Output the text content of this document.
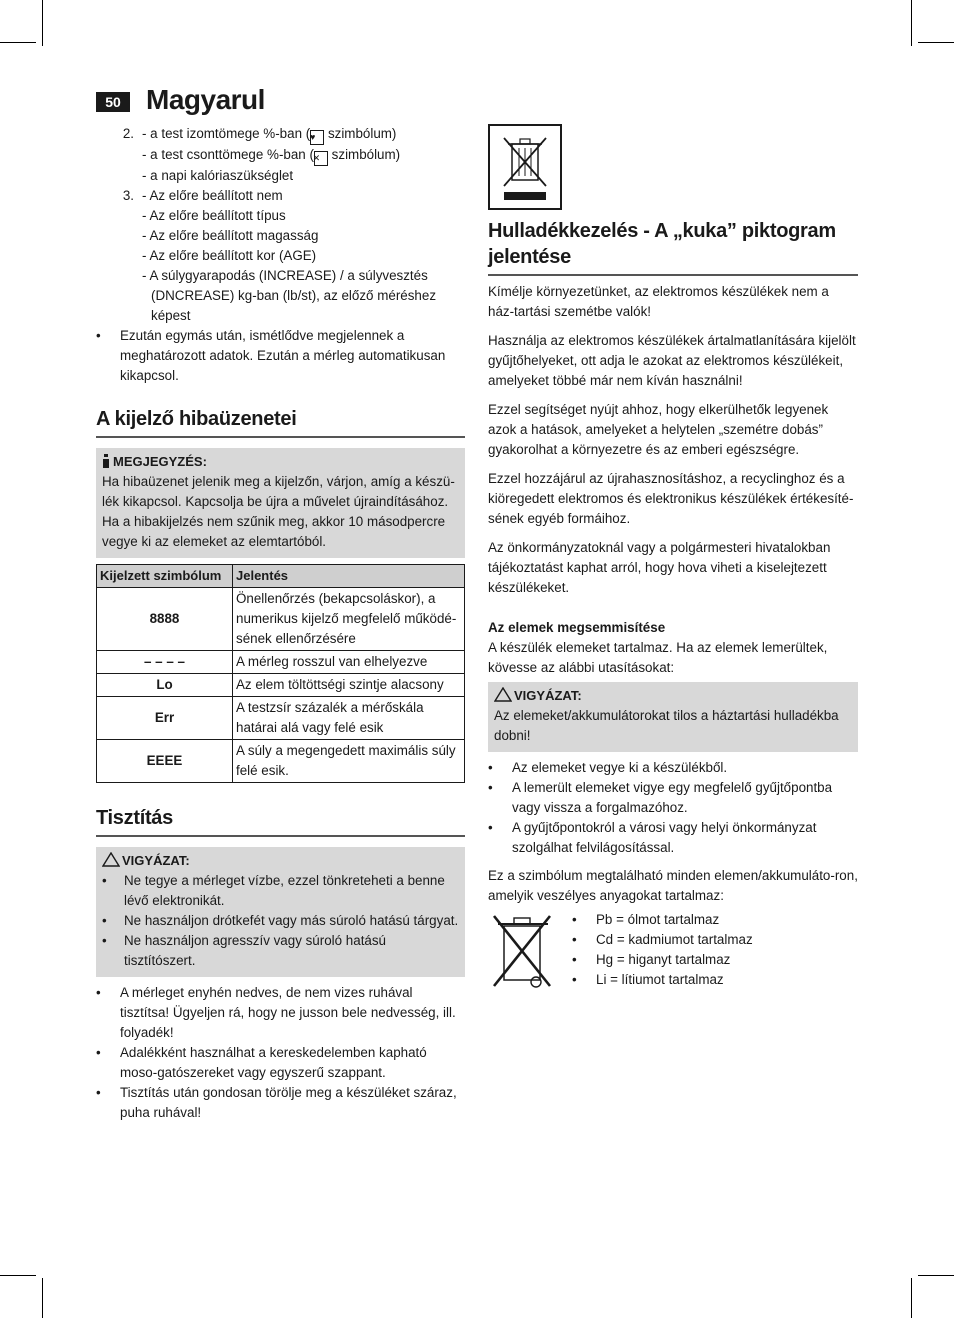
50 Magyarul
2. - a test izomtömege %-ban (♥ szimbólum)
- a test csonttömege %-ban (✕ szimbólum)
- a napi kalóriaszükséglet
3. - Az előre beállított nem
- Az előre beállított típus
- Az előre beállított magasság
- Az előre beállított kor (AGE)
- A súlygyarapodás (INCREASE) / a súlyvesztés (DNCREASE) kg-ban (lb/st), az előző méréshez képest
• Ezután egymás után, ismétlődve megjelennek a meghatározott adatok. Ezután a mérleg automatikusan kikapcsol.
A kijelző hibaüzenetei
MEGJEGYZÉS:
Ha hibaüzenet jelenik meg a kijelzőn, várjon, amíg a készü-lék kikapcsol. Kapcsolja be újra a művelet újraindításához. Ha a hibakijelzés nem szűnik meg, akkor 10 másodpercre vegye ki az elemeket az elemtartóból.
Kijelzett szimbólum	Jelentés
8888	Önellenőrzés (bekapcsoláskor), a numerikus kijelző megfelelő működé-sének ellenőrzésére
– – – –	A mérleg rosszul van elhelyezve
Lo	Az elem töltöttségi szintje alacsony
Err	A testzsír százalék a mérőskála határai alá vagy felé esik
EEEE	A súly a megengedett maximális súly felé esik.
Tisztítás
VIGYÁZAT:
• Ne tegye a mérleget vízbe, ezzel tönkreteheti a benne lévő elektronikát.
• Ne használjon drótkefét vagy más súroló hatású tárgyat.
• Ne használjon agresszív vagy súroló hatású tisztítószert.
• A mérleget enyhén nedves, de nem vizes ruhával tisztítsa! Ügyeljen rá, hogy ne jusson bele nedvesség, ill. folyadék!
• Adalékként használhat a kereskedelemben kapható moso-gatószereket vagy egyszerű szappant.
• Tisztítás után gondosan törölje meg a készüléket száraz, puha ruhával!
Hulladékkezelés - A „kuka” piktogram jelentése

Kímélje környezetünket, az elektromos készülékek nem a ház-tartási szemétbe valók!

Használja az elektromos készülékek ártalmatlanítására kijelölt gyűjtőhelyeket, ott adja le azokat az elektromos készülékeit, amelyeket többé már nem kíván használni!

Ezzel segítséget nyújt ahhoz, hogy elkerülhetők legyenek azok a hatások, amelyeket a helytelen „szemétre dobás” gyakorolhat a környezetre és az emberi egészségre.

Ezzel hozzájárul az újrahasznosításhoz, a recyclinghoz és a kiöregedett elektromos és elektronikus készülékek értékesíté-sének egyéb formáihoz.

Az önkormányzatoknál vagy a polgármesteri hivatalokban tájékoztatást kaphat arról, hogy hova viheti a kiselejtezett készülékeket.

Az elemek megsemmisítése

A készülék elemeket tartalmaz. Ha az elemek lemerültek, kövesse az alábbi utasításokat:

VIGYÁZAT:
Az elemeket/akkumulátorokat tilos a háztartási hulladékba dobni!
• Az elemeket vegye ki a készülékből.
• A lemerült elemeket vigye egy megfelelő gyűjtőpontba vagy vissza a forgalmazóhoz.
• A gyűjtőpontokról a városi vagy helyi önkormányzat szolgálhat felvilágosítással.

Ez a szimbólum megtalálható minden elemen/akkumuláto-ron, amelyik veszélyes anyagokat tartalmaz:

• Pb = ólmot tartalmaz
• Cd = kadmiumot tartalmaz
• Hg = higanyt tartalmaz
• Li = lítiumot tartalmaz
